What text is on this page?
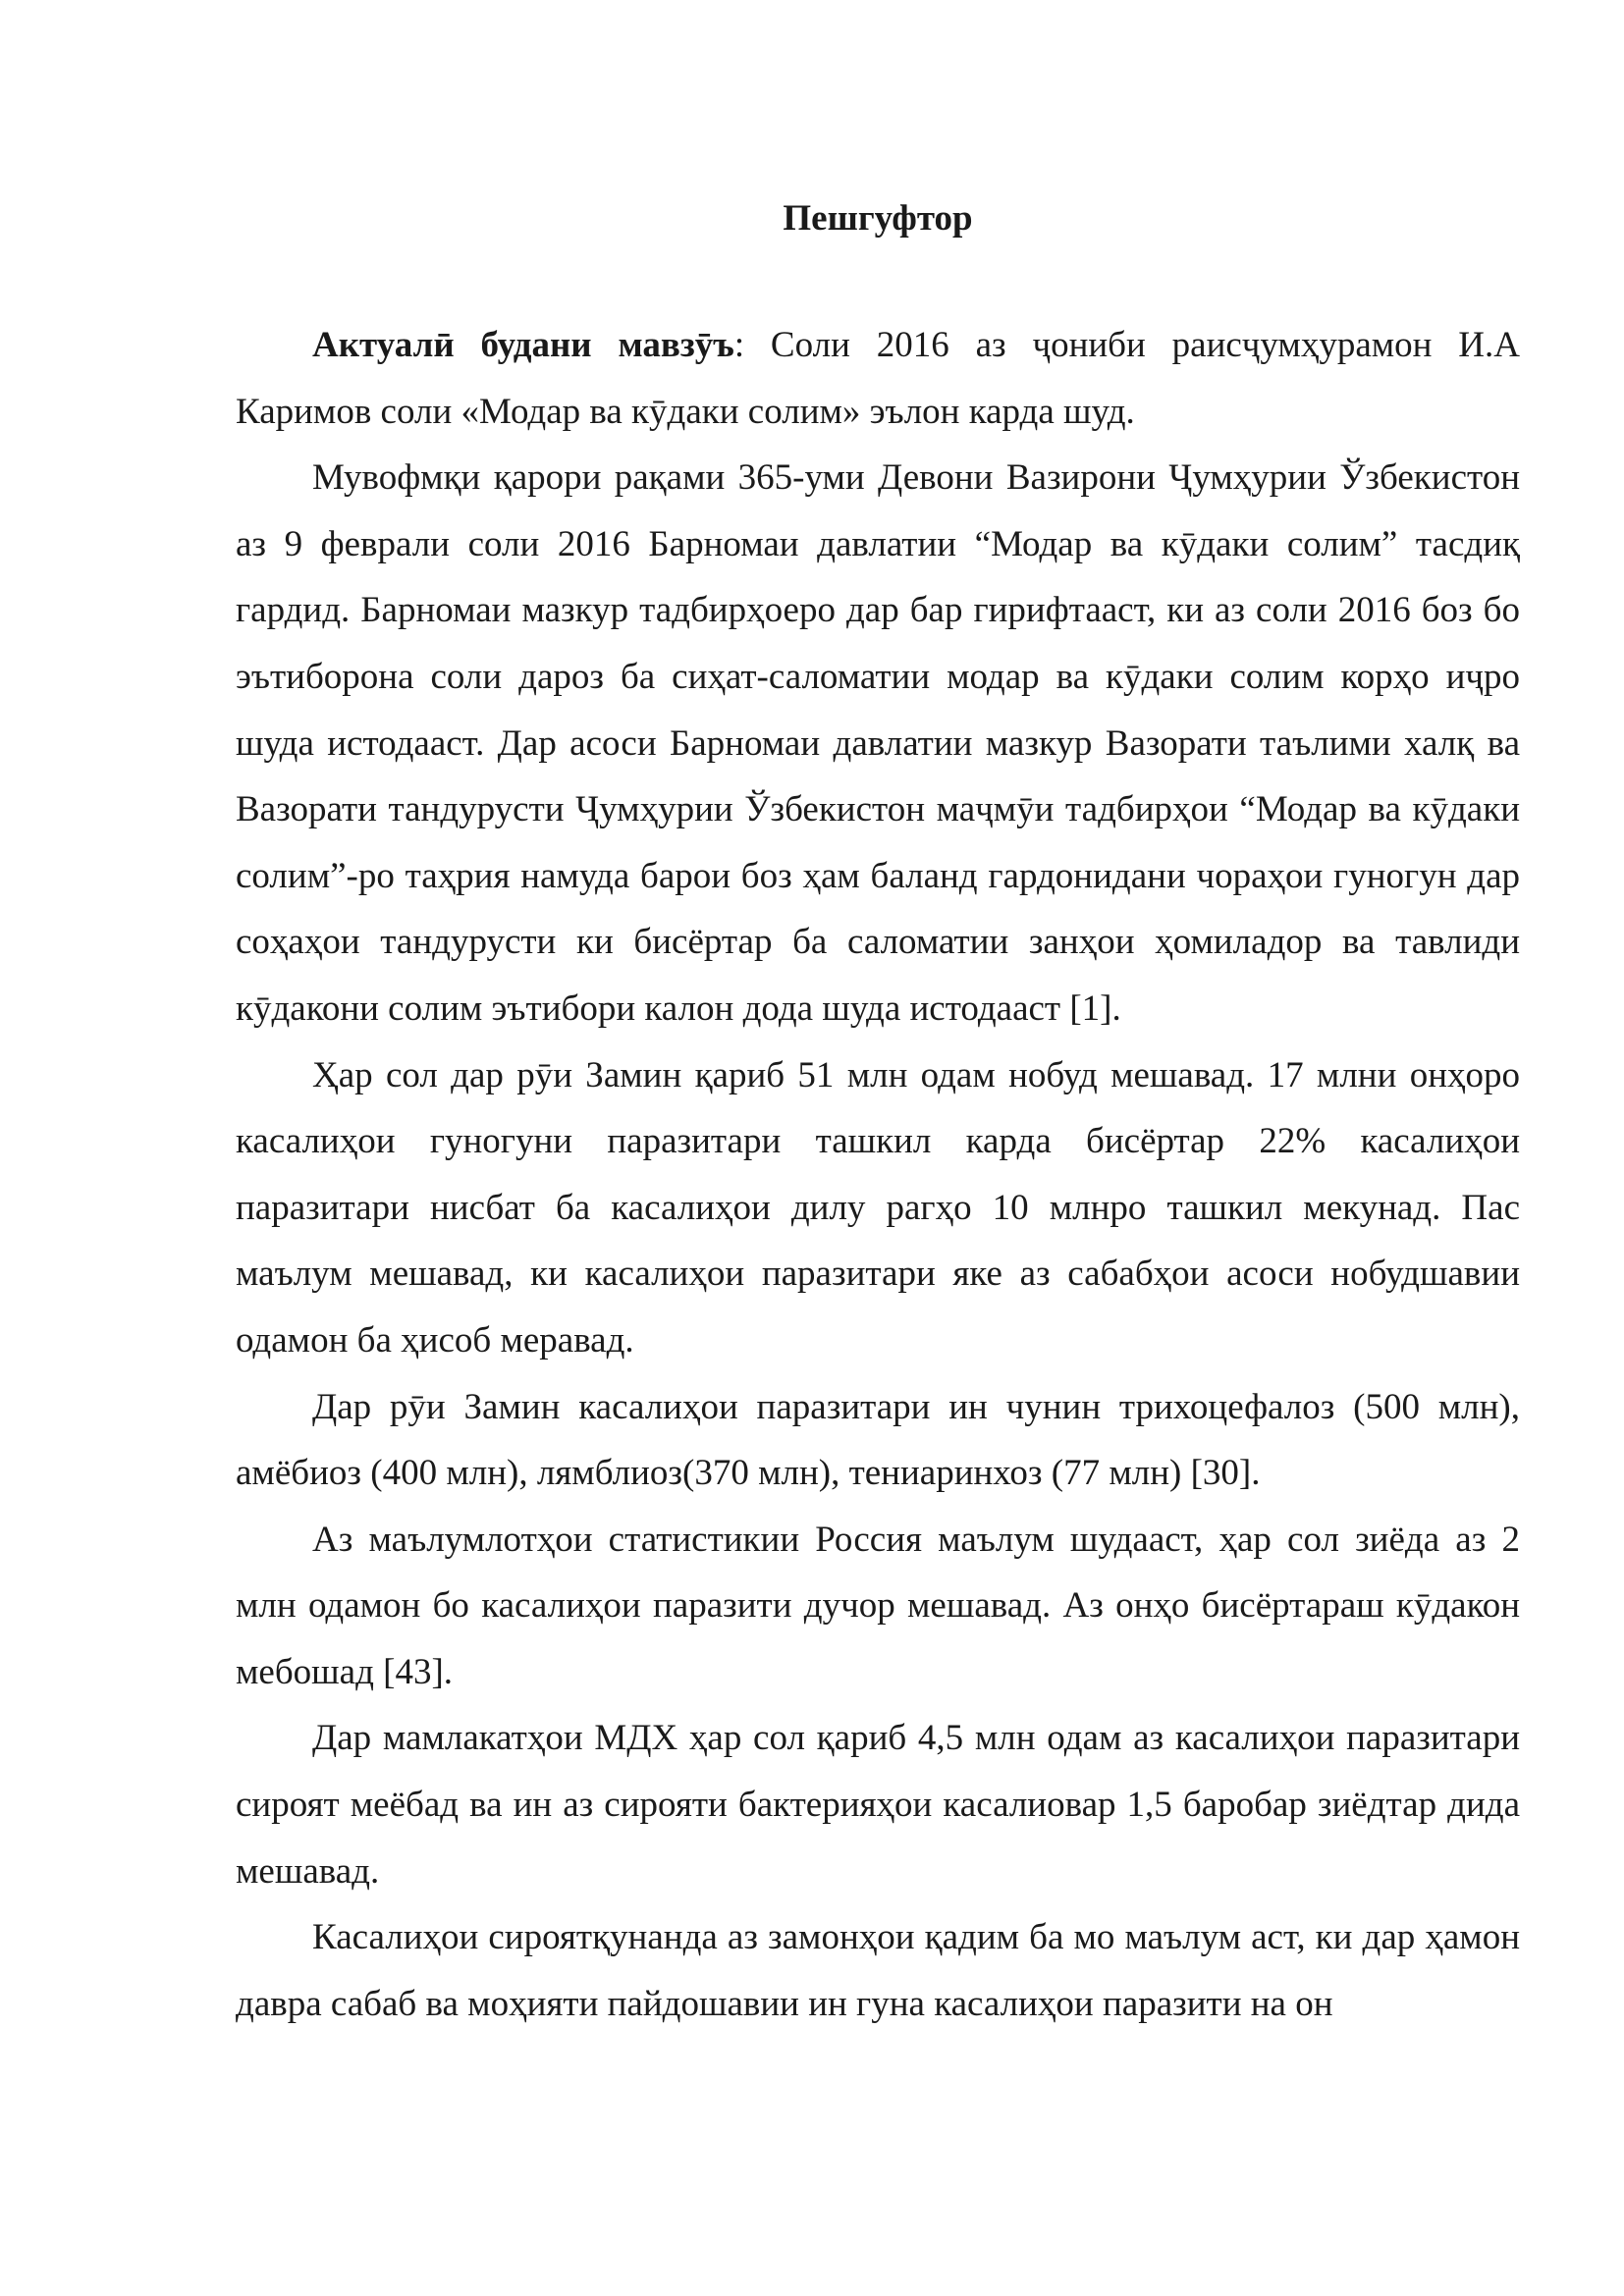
Пешгуфтор

Актуалӣ будани мавзӯъ: Соли 2016 аз ҷониби раисҷумҳурамон И.А Каримов соли «Модар ва кӯдаки солим» эълон карда шуд.

Мувофмқи қарори рақами 365-уми Девони Вазирони Ҷумҳурии Ўзбекистон аз 9 феврали соли 2016 Барномаи давлатии “Модар ва кӯдаки солим” тасдиқ гардид. Барномаи мазкур тадбирҳоеро дар бар гирифтааст, ки аз соли 2016 боз бо эътиборона соли дароз ба сиҳат-саломатии модар ва кӯдаки солим корҳо иҷро шуда истодааст. Дар асоси Барномаи давлатии мазкур Вазорати таълими халқ ва Вазорати тандурусти Ҷумҳурии Ўзбекистон маҷмӯи тадбирҳои “Модар ва кӯдаки солим”-ро таҳрия намуда барои боз ҳам баланд гардонидани чораҳои гуногун дар соҳаҳои тандурусти ки бисёртар ба саломатии занҳои ҳомиладор ва тавлиди кӯдакони солим эътибори калон дода шуда истодааст [1].

Ҳар сол дар рӯи Замин қариб 51 млн одам нобуд мешавад. 17 млни онҳоро касалиҳои гуногуни паразитари ташкил карда бисёртар 22% касалиҳои паразитари нисбат ба касалиҳои дилу рагҳо 10 млнро ташкил мекунад. Пас маълум мешавад, ки касалиҳои паразитари яке аз сабабҳои асоси нобудшавии одамон ба ҳисоб меравад.

Дар рӯи Замин касалиҳои паразитари ин чунин трихоцефалоз (500 млн), амёбиоз (400 млн), лямблиоз(370 млн), тениаринхоз (77 млн) [30].

Аз маълумлотҳои статистикии Россия маълум шудааст, ҳар сол зиёда аз 2 млн одамон бо касалиҳои паразити дучор мешавад. Аз онҳо бисёртараш кӯдакон мебошад [43].

Дар мамлакатҳои МДХ ҳар сол қариб 4,5 млн одам аз касалиҳои паразитари сироят меёбад ва ин аз сирояти бактерияҳои касалиовар 1,5 баробар зиёдтар дида мешавад.

Касалиҳои сироятқунанда аз замонҳои қадим ба мо маълум аст, ки дар ҳамон давра сабаб ва моҳияти пайдошавии ин гуна касалиҳои паразити на он
